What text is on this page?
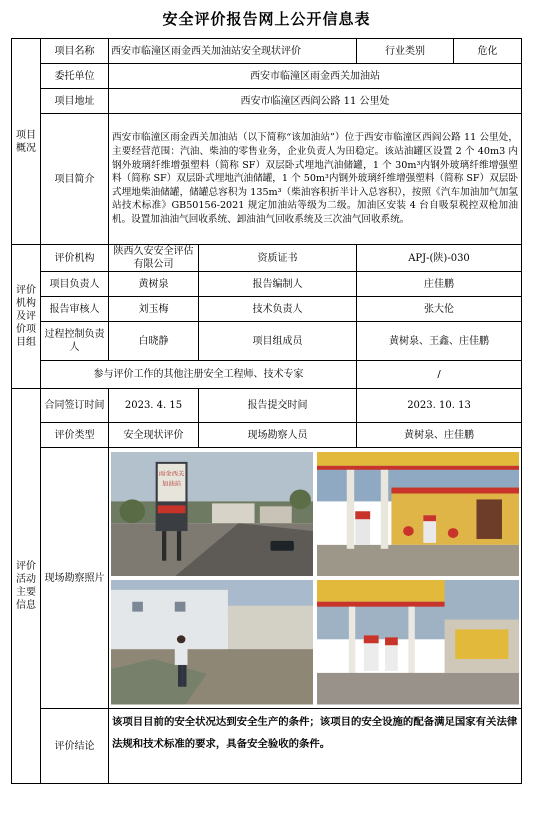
安全评价报告网上公开信息表
项目概况	项目名称	西安市临潼区雨金西关加油站安全现状评价		行业类别	危化
	委托单位	西安市临潼区雨金西关加油站			
	项目地址	西安市临潼区西阎公路 11 公里处			
	项目简介	西安市临潼区雨金西关加油站（以下简称“该加油站”）位于西安市临潼区西阎公路 11 公里处，主要经营范围：汽油、柴油的零售业务，企业负责人为田稳定。该站油罐区设置 2 个 40m3 内钢外玻璃纤维增强塑料（简称 SF）双层卧式埋地汽油储罐，1 个 30m³内钢外玻璃纤维增强塑料（简称 SF）双层卧式埋地汽油储罐，1 个 50m³内钢外玻璃纤维增强塑料（简称 SF）双层卧式埋地柴油储罐，储罐总容积为 135m³（柴油容积折半计入总容积），按照《汽车加油加气加氢站技术标准》GB50156-2021 规定加油站等级为二级。加油区安装 4 台自吸泵税控双枪加油机。设置加油油气回收系统、卸油油气回收系统及三次油气回收系统。			
评价机构及评价项目组	评价机构	陕西久安安全评估有限公司	资质证书	APJ-(陕)-030	
	项目负责人	黄树泉	报告编制人	庄佳鹏	
	报告审核人	刘玉梅	技术负责人	张大伦	
	过程控制负责人	白晓静	项目组成员	黄树泉、王鑫、庄佳鹏	
	参与评价工作的其他注册安全工程师、技术专家			/	
评价活动主要信息	合同签订时间	2023. 4. 15	报告提交时间	2023. 10. 13	
	评价类型	安全现状评价	现场勘察人员	黄树泉、庄佳鹏	
	现场勘察照片	雨金西关
加油站			

	评价结论	该项目目前的安全状况达到安全生产的条件；该项目的安全设施的配备满足国家有关法律法规和技术标准的要求，具备安全验收的条件。			
